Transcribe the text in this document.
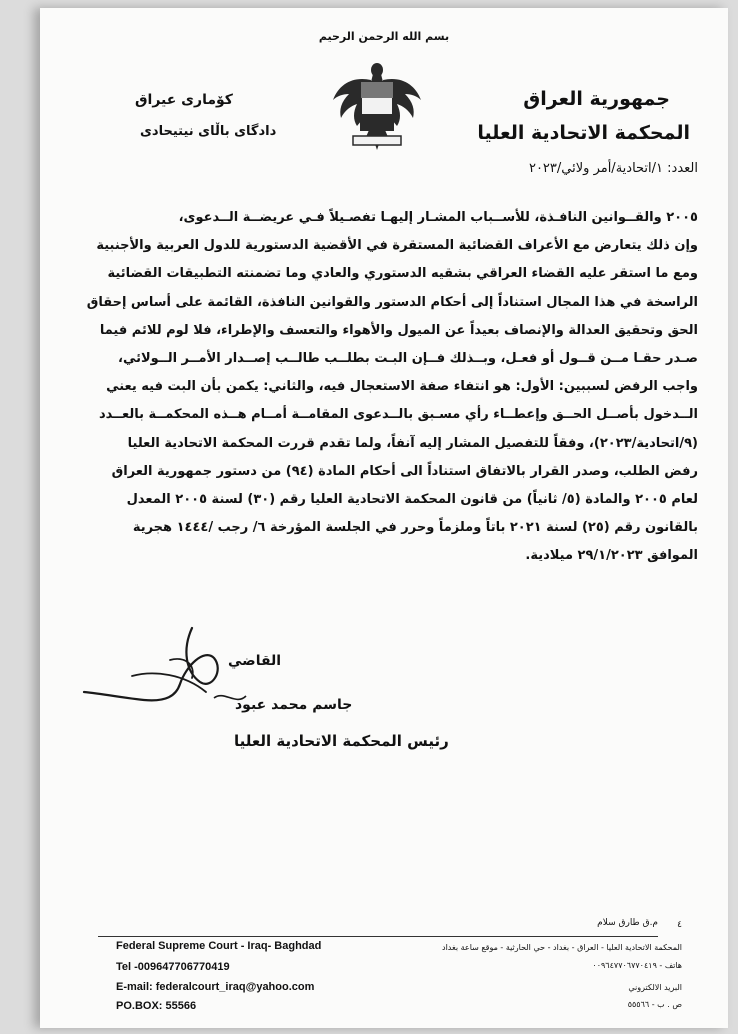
بسم الله الرحمن الرحيم
کۆماری عیراق
دادگای باڵای نیتیحادی
جمهورية العراق
المحكمة الاتحادية العليا
العدد: ١/اتحادية/أمر ولائي/٢٠٢٣
٢٠٠٥ والقــوانين النافـذة، للأســباب المشـار إليهـا تفصـيلاً فـي عريضــة الــدعوى،
وإن ذلك يتعارض مع الأعراف القضائية المستقرة في الأقضية الدستورية للدول العربية والأجنبية
ومع ما استقر عليه القضاء العراقي بشقيه الدستوري والعادي وما تضمنته التطبيقات القضائية
الراسخة في هذا المجال استناداً إلى أحكام الدستور والقوانين النافذة، القائمة على أساس إحقاق
الحق وتحقيق العدالة والإنصاف بعيداً عن الميول والأهواء والتعسف والإطراء، فلا لوم للائم فيما
صـدر حقـا مــن قــول أو فعـل، وبــذلك فــإن البـت بطلــب طالــب إصــدار الأمــر الــولائي،
واجب الرفض لسببين: الأول: هو انتفاء صفة الاستعجال فيه، والثاني: يكمن بأن البت فيه يعني
الــدخول بأصــل الحــق وإعطــاء رأي مسـبق بالــدعوى المقامــة أمــام هــذه المحكمــة بالعــدد
(٩/اتحادية/٢٠٢٣)، وفقاً للتفصيل المشار إليه آنفاً، ولما تقدم قررت المحكمة الاتحادية العليا
رفض الطلب، وصدر القرار بالاتفاق استناداً الى أحكام المادة (٩٤) من دستور جمهورية العراق
لعام ٢٠٠٥ والمادة (٥/ ثانياً) من قانون المحكمة الاتحادية العليا رقم (٣٠) لسنة ٢٠٠٥ المعدل
بالقانون رقم (٢٥) لسنة ٢٠٢١ باتاً وملزماً وحرر في الجلسة المؤرخة ٦/ رجب /١٤٤٤ هجرية
الموافق ٢٩/١/٢٠٢٣ ميلادية.
القاضي
جاسم محمد عبود
رئيس المحكمة الاتحادية العليا
٤
م.ق طارق سلام
Federal Supreme Court - Iraq- Baghdad
Tel -009647706770419
E-mail: federalcourt_iraq@yahoo.com
PO.BOX: 55566
المحكمة الاتحادية العليا - العراق - بغداد - حي الحارثية - موقع ساعة بغداد
هاتف - ٠٠٩٦٤٧٧٠٦٧٧٠٤١٩
البريد الالكتروني
ص . ب - ٥٥٥٦٦
